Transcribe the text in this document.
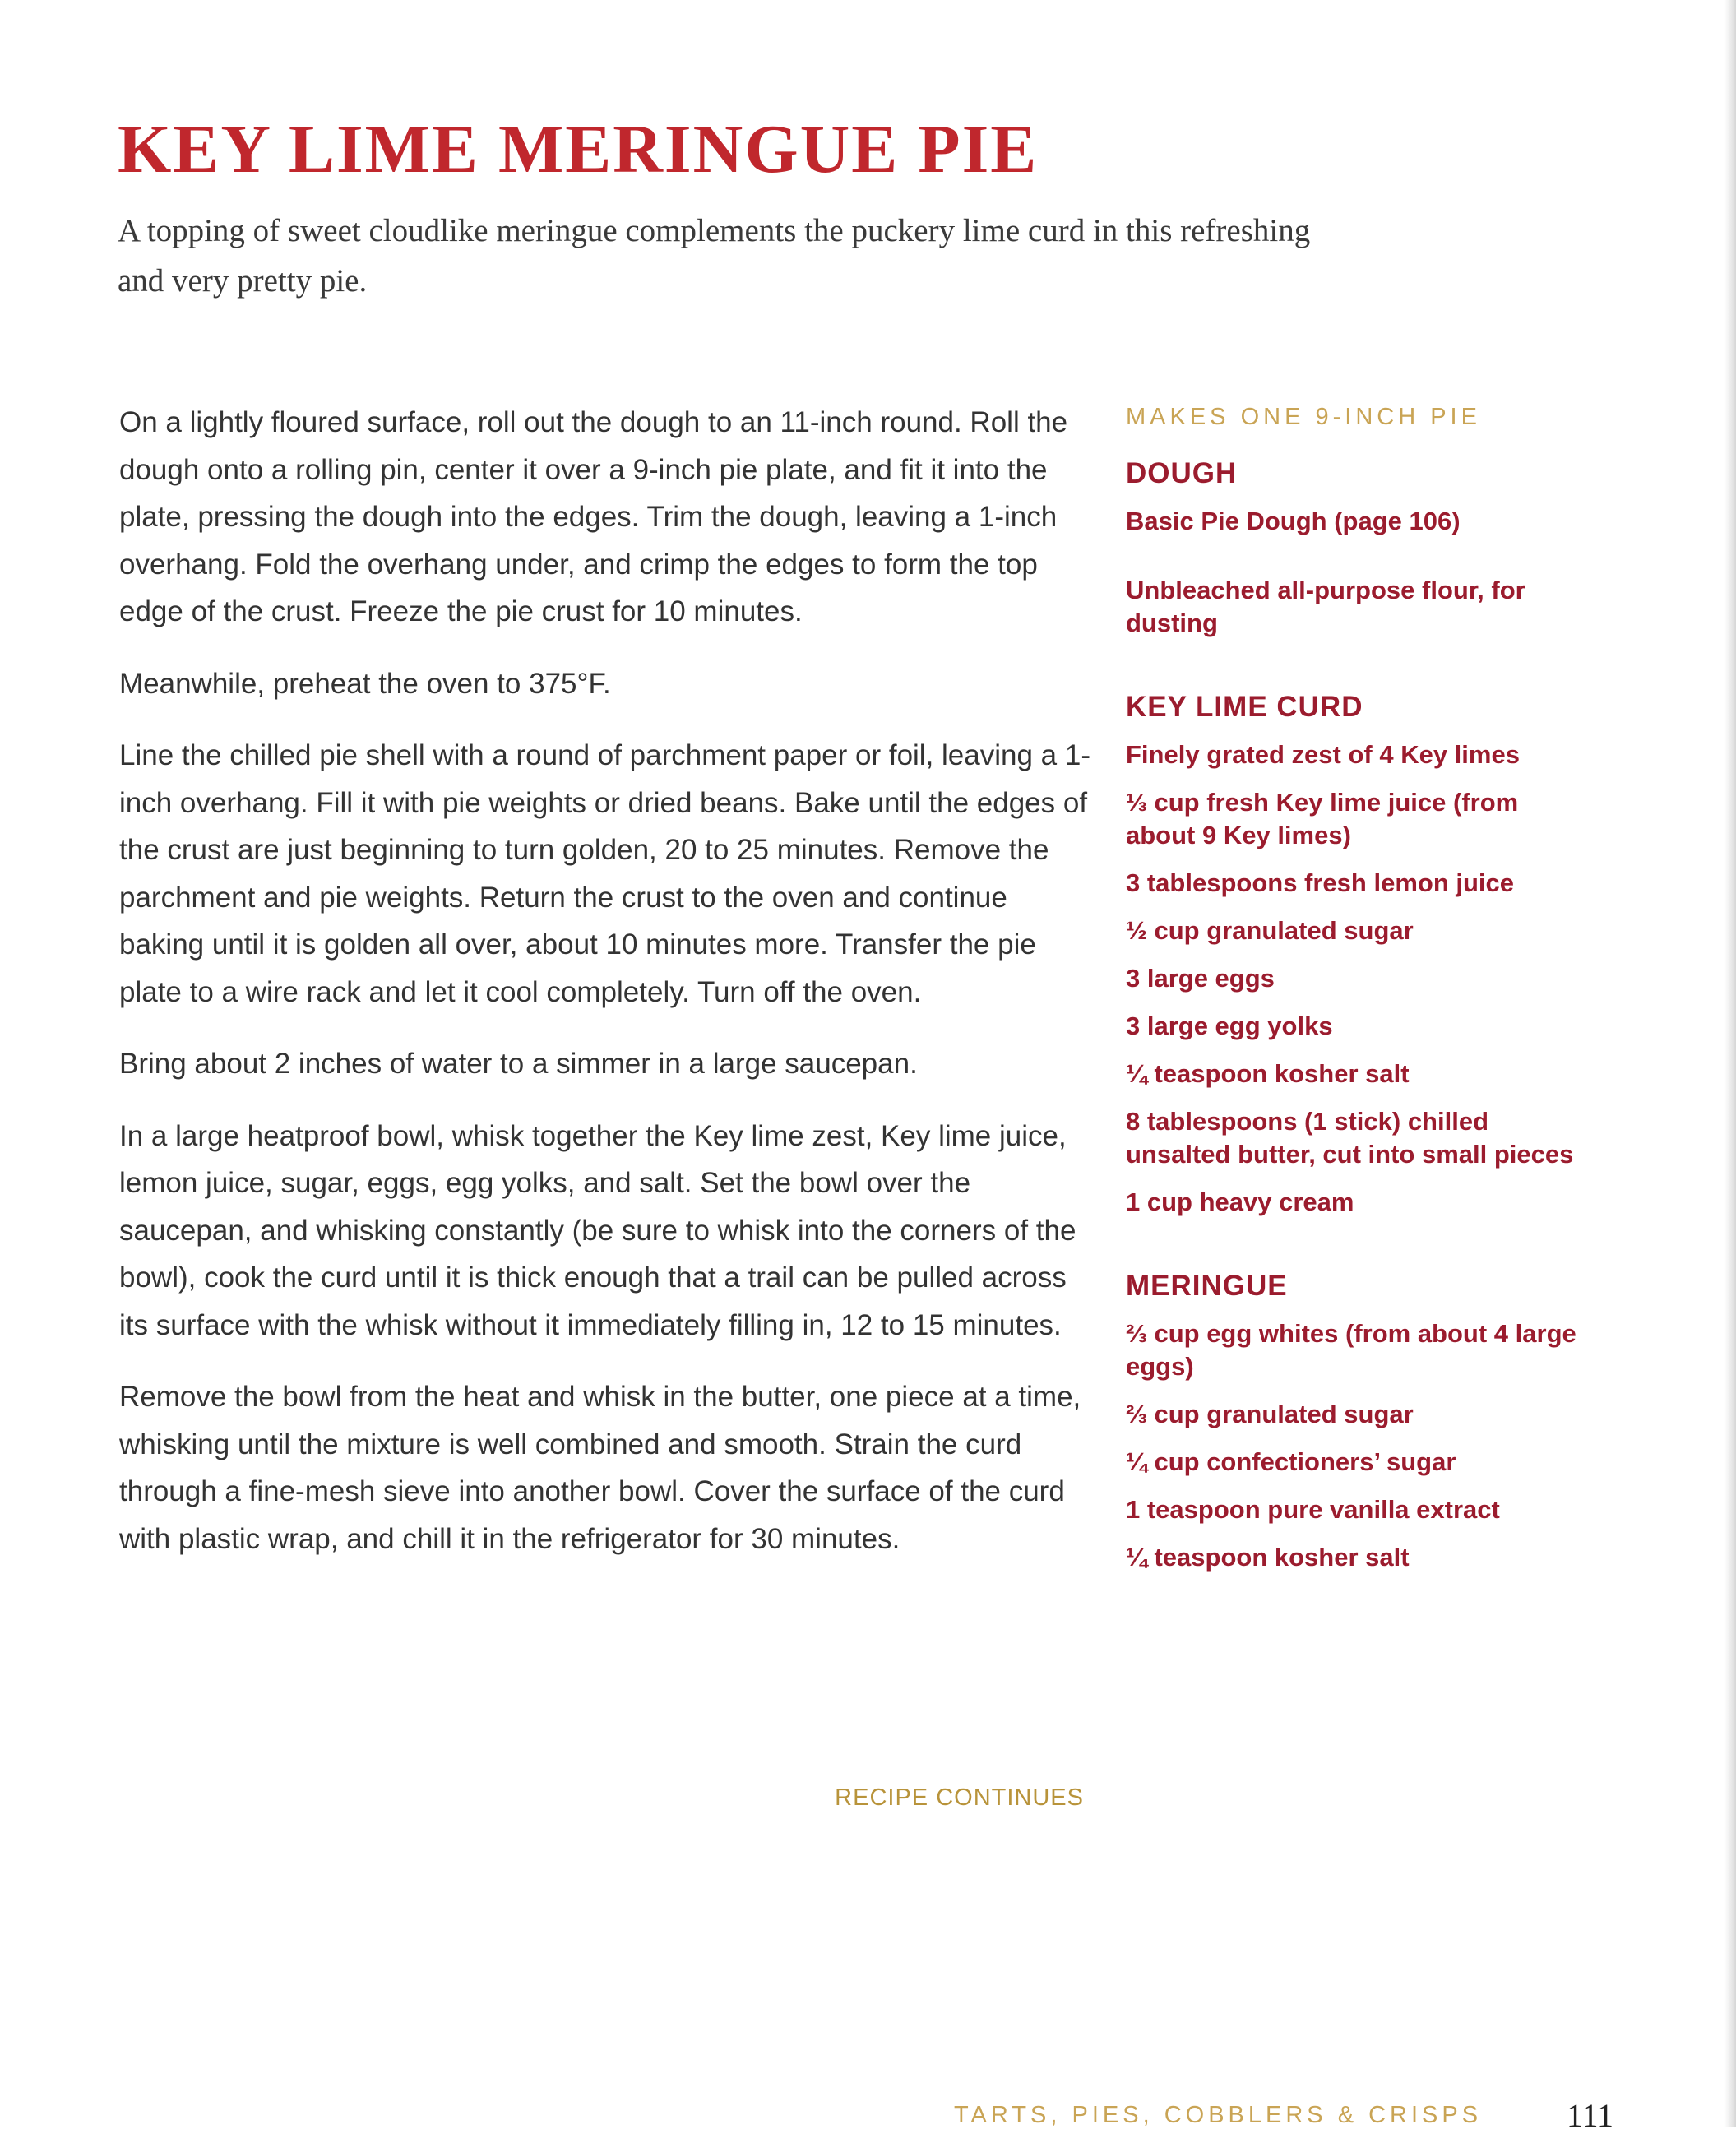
KEY LIME MERINGUE PIE

A topping of sweet cloudlike meringue complements the puckery lime curd in this refreshing and very pretty pie.

On a lightly floured surface, roll out the dough to an 11-inch round. Roll the dough onto a rolling pin, center it over a 9-inch pie plate, and fit it into the plate, pressing the dough into the edges. Trim the dough, leaving a 1-inch overhang. Fold the overhang under, and crimp the edges to form the top edge of the crust. Freeze the pie crust for 10 minutes.

Meanwhile, preheat the oven to 375°F.

Line the chilled pie shell with a round of parchment paper or foil, leaving a 1-inch overhang. Fill it with pie weights or dried beans. Bake until the edges of the crust are just beginning to turn golden, 20 to 25 minutes. Remove the parchment and pie weights. Return the crust to the oven and continue baking until it is golden all over, about 10 minutes more. Transfer the pie plate to a wire rack and let it cool completely. Turn off the oven.

Bring about 2 inches of water to a simmer in a large saucepan.

In a large heatproof bowl, whisk together the Key lime zest, Key lime juice, lemon juice, sugar, eggs, egg yolks, and salt. Set the bowl over the saucepan, and whisking constantly (be sure to whisk into the corners of the bowl), cook the curd until it is thick enough that a trail can be pulled across its surface with the whisk without it immediately filling in, 12 to 15 minutes.

Remove the bowl from the heat and whisk in the butter, one piece at a time, whisking until the mixture is well combined and smooth. Strain the curd through a fine-mesh sieve into another bowl. Cover the surface of the curd with plastic wrap, and chill it in the refrigerator for 30 minutes.

RECIPE CONTINUES

MAKES ONE 9-INCH PIE

DOUGH
Basic Pie Dough (page 106)
Unbleached all-purpose flour, for dusting
KEY LIME CURD
Finely grated zest of 4 Key limes
⅓ cup fresh Key lime juice (from about 9 Key limes)
3 tablespoons fresh lemon juice
½ cup granulated sugar
3 large eggs
3 large egg yolks
¼ teaspoon kosher salt
8 tablespoons (1 stick) chilled unsalted butter, cut into small pieces
1 cup heavy cream
MERINGUE
⅔ cup egg whites (from about 4 large eggs)
⅔ cup granulated sugar
¼ cup confectioners’ sugar
1 teaspoon pure vanilla extract
¼ teaspoon kosher salt
TARTS, PIES, COBBLERS & CRISPS	111
